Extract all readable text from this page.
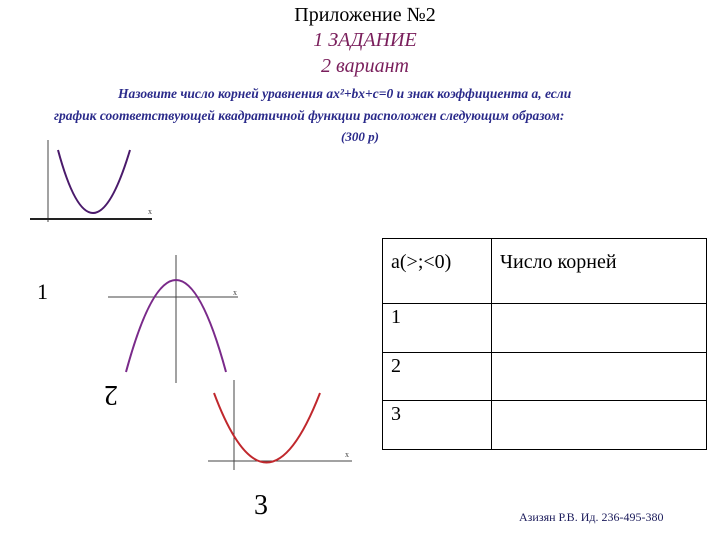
Приложение №2
1 ЗАДАНИЕ
2 вариант
Назовите число корней уравнения ax²+bx+c=0 и знак коэффициента a, если
график соответствующей квадратичной функции расположен следующим образом:
(300 р)
x
x
x
1
2
3
a(>;<0)	Число корней
1	
2	
3	
Азизян Р.В. Ид. 236-495-380
